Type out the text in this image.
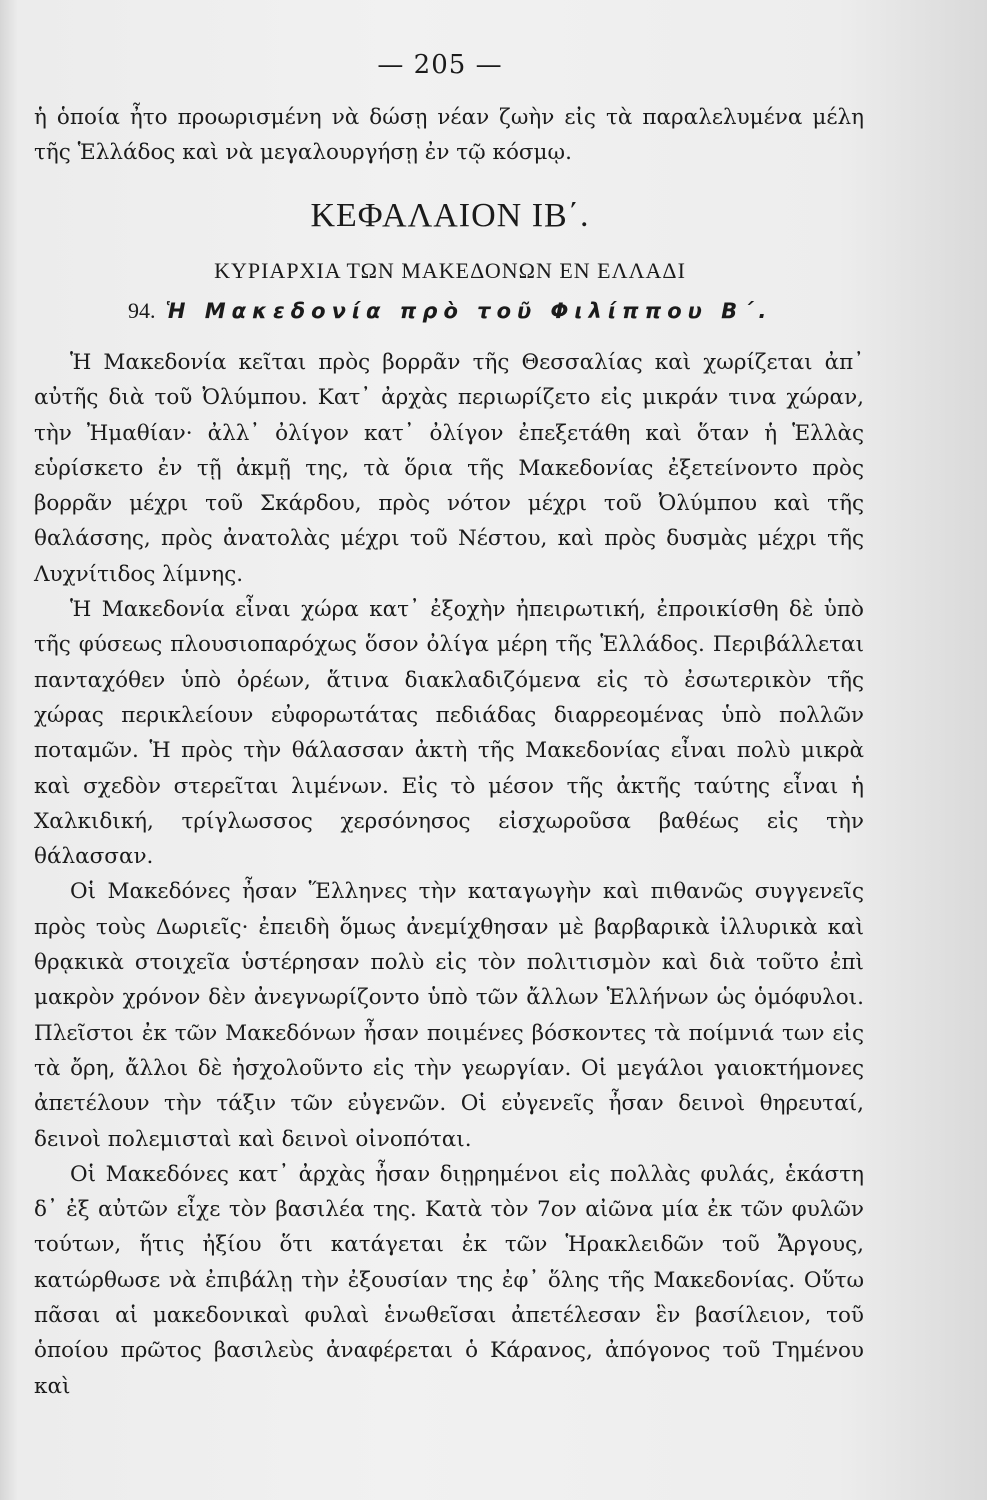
— 205 —

ἡ ὁποία ἦτο προωρισμένη νὰ δώσῃ νέαν ζωὴν εἰς τὰ παραλελυμένα μέλη τῆς Ἑλλάδος καὶ νὰ μεγαλουργήσῃ ἐν τῷ κόσμῳ.

ΚΕΦΑΛΑΙΟΝ ΙΒ΄.
ΚΥΡΙΑΡΧΙΑ ΤΩΝ ΜΑΚΕΔΟΝΩΝ ΕΝ ΕΛΛΑΔΙ
94. Ἡ Μακεδονία πρὸ τοῦ Φιλίππου Β΄.

Ἡ Μακεδονία κεῖται πρὸς βορρᾶν τῆς Θεσσαλίας καὶ χωρίζεται ἀπ᾽ αὐτῆς διὰ τοῦ Ὀλύμπου. Κατ᾽ ἀρχὰς περιωρίζετο εἰς μικράν τινα χώραν, τὴν Ἠμαθίαν· ἀλλ᾽ ὀλίγον κατ᾽ ὀλίγον ἐπεξετάθη καὶ ὅταν ἡ Ἑλλὰς εὑρίσκετο ἐν τῇ ἀκμῇ της, τὰ ὅρια τῆς Μακεδονίας ἐξετείνοντο πρὸς βορρᾶν μέχρι τοῦ Σκάρδου, πρὸς νότον μέχρι τοῦ Ὀλύμπου καὶ τῆς θαλάσσης, πρὸς ἀνατολὰς μέχρι τοῦ Νέστου, καὶ πρὸς δυσμὰς μέχρι τῆς Λυχνίτιδος λίμνης.

Ἡ Μακεδονία εἶναι χώρα κατ᾽ ἐξοχὴν ἠπειρωτική, ἐπροικίσθη δὲ ὑπὸ τῆς φύσεως πλουσιοπαρόχως ὅσον ὀλίγα μέρη τῆς Ἑλλάδος. Περιβάλλεται πανταχόθεν ὑπὸ ὀρέων, ἅτινα διακλαδιζόμενα εἰς τὸ ἐσωτερικὸν τῆς χώρας περικλείουν εὐφορωτάτας πεδιάδας διαρρεομένας ὑπὸ πολλῶν ποταμῶν. Ἡ πρὸς τὴν θάλασσαν ἀκτὴ τῆς Μακεδονίας εἶναι πολὺ μικρὰ καὶ σχεδὸν στερεῖται λιμένων. Εἰς τὸ μέσον τῆς ἀκτῆς ταύτης εἶναι ἡ Χαλκιδική, τρίγλωσσος χερσόνησος εἰσχωροῦσα βαθέως εἰς τὴν θάλασσαν.

Οἱ Μακεδόνες ἦσαν Ἕλληνες τὴν καταγωγὴν καὶ πιθανῶς συγγενεῖς πρὸς τοὺς Δωριεῖς· ἐπειδὴ ὅμως ἀνεμίχθησαν μὲ βαρβαρικὰ ἰλλυρικὰ καὶ θρᾳκικὰ στοιχεῖα ὑστέρησαν πολὺ εἰς τὸν πολιτισμὸν καὶ διὰ τοῦτο ἐπὶ μακρὸν χρόνον δὲν ἀνεγνωρίζοντο ὑπὸ τῶν ἄλλων Ἑλλήνων ὡς ὁμόφυλοι. Πλεῖστοι ἐκ τῶν Μακεδόνων ἦσαν ποιμένες βόσκοντες τὰ ποίμνιά των εἰς τὰ ὄρη, ἄλλοι δὲ ἠσχολοῦντο εἰς τὴν γεωργίαν. Οἱ μεγάλοι γαιοκτήμονες ἀπετέλουν τὴν τάξιν τῶν εὐγενῶν. Οἱ εὐγενεῖς ἦσαν δεινοὶ θηρευταί, δεινοὶ πολεμισταὶ καὶ δεινοὶ οἰνοπόται.

Οἱ Μακεδόνες κατ᾽ ἀρχὰς ἦσαν διῃρημένοι εἰς πολλὰς φυλάς, ἑκάστη δ᾽ ἐξ αὐτῶν εἶχε τὸν βασιλέα της. Κατὰ τὸν 7ον αἰῶνα μία ἐκ τῶν φυλῶν τούτων, ἥτις ἠξίου ὅτι κατάγεται ἐκ τῶν Ἡρακλειδῶν τοῦ Ἄργους, κατώρθωσε νὰ ἐπιβάλῃ τὴν ἐξουσίαν της ἐφ᾽ ὅλης τῆς Μακεδονίας. Οὕτω πᾶσαι αἱ μακεδονικαὶ φυλαὶ ἑνωθεῖσαι ἀπετέλεσαν ἓν βασίλειον, τοῦ ὁποίου πρῶτος βασιλεὺς ἀναφέρεται ὁ Κάρανος, ἀπόγονος τοῦ Τημένου καὶ
